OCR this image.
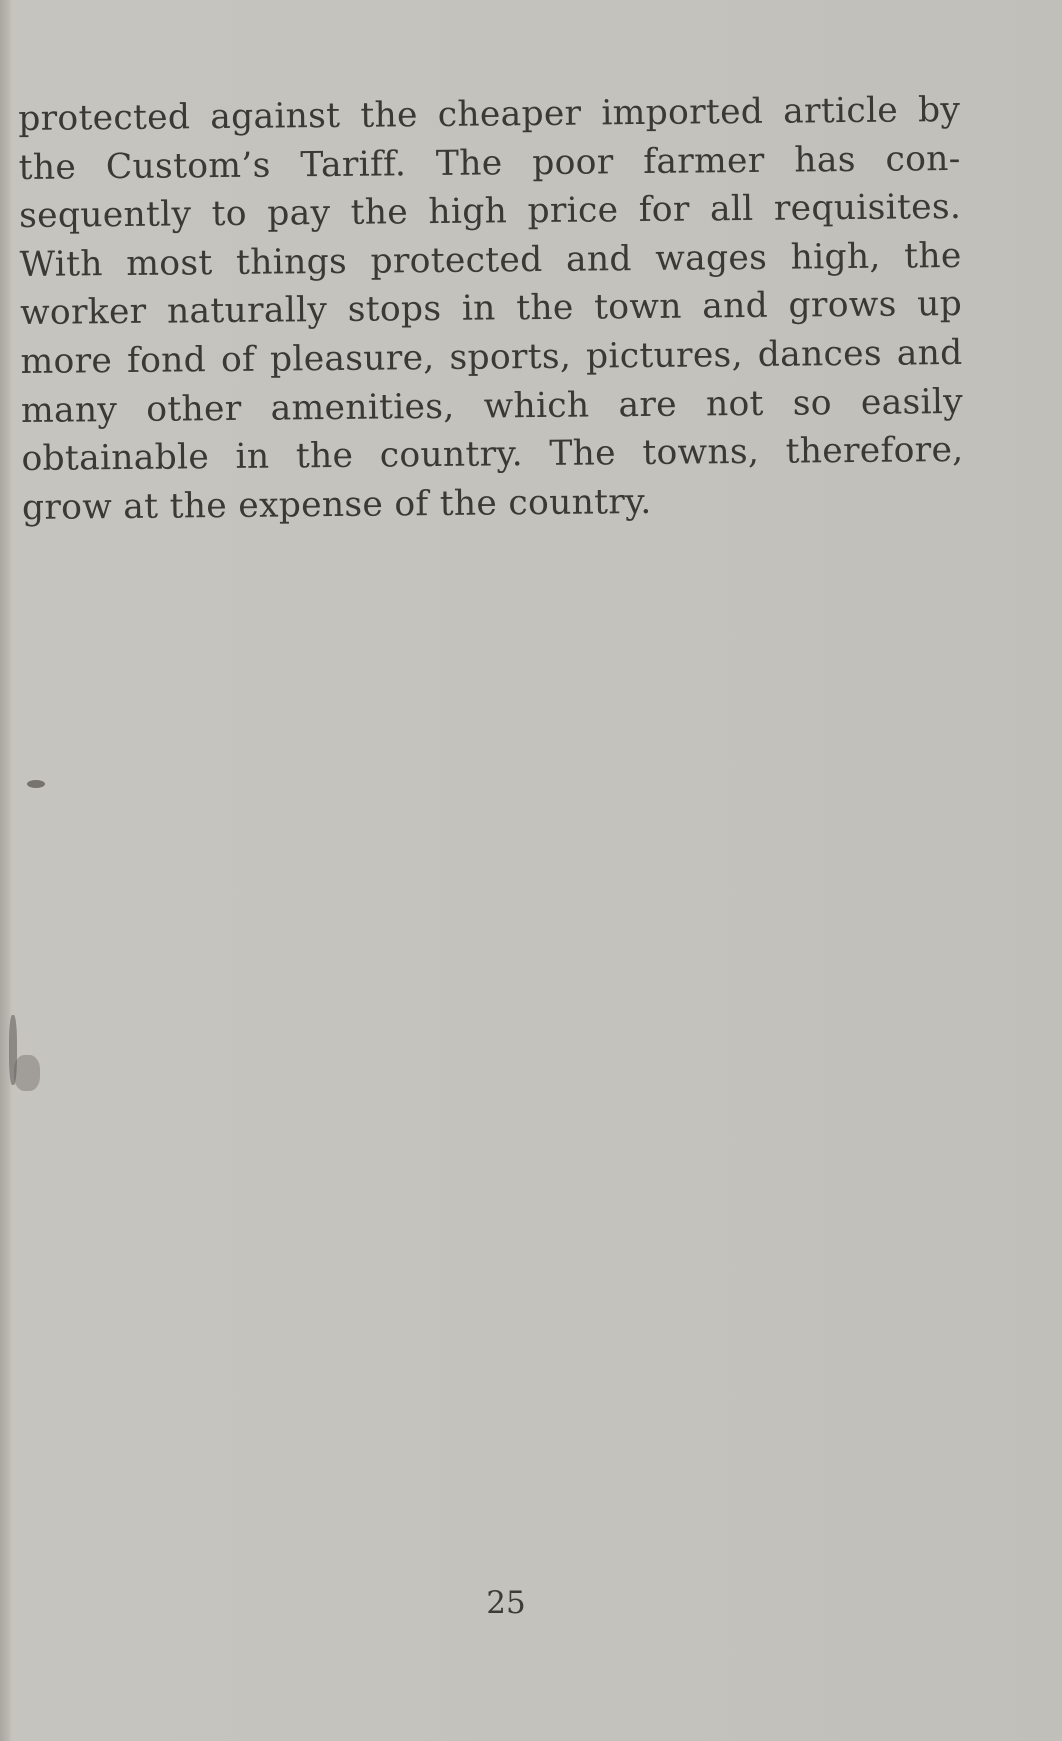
protected against the cheaper imported article by
the Custom’s Tariff. The poor farmer has con-
sequently to pay the high price for all requisites.
With most things protected and wages high, the
worker naturally stops in the town and grows up
more fond of pleasure, sports, pictures, dances and
many other amenities, which are not so easily
obtainable in the country. The towns, therefore,
grow at the expense of the country.
25
